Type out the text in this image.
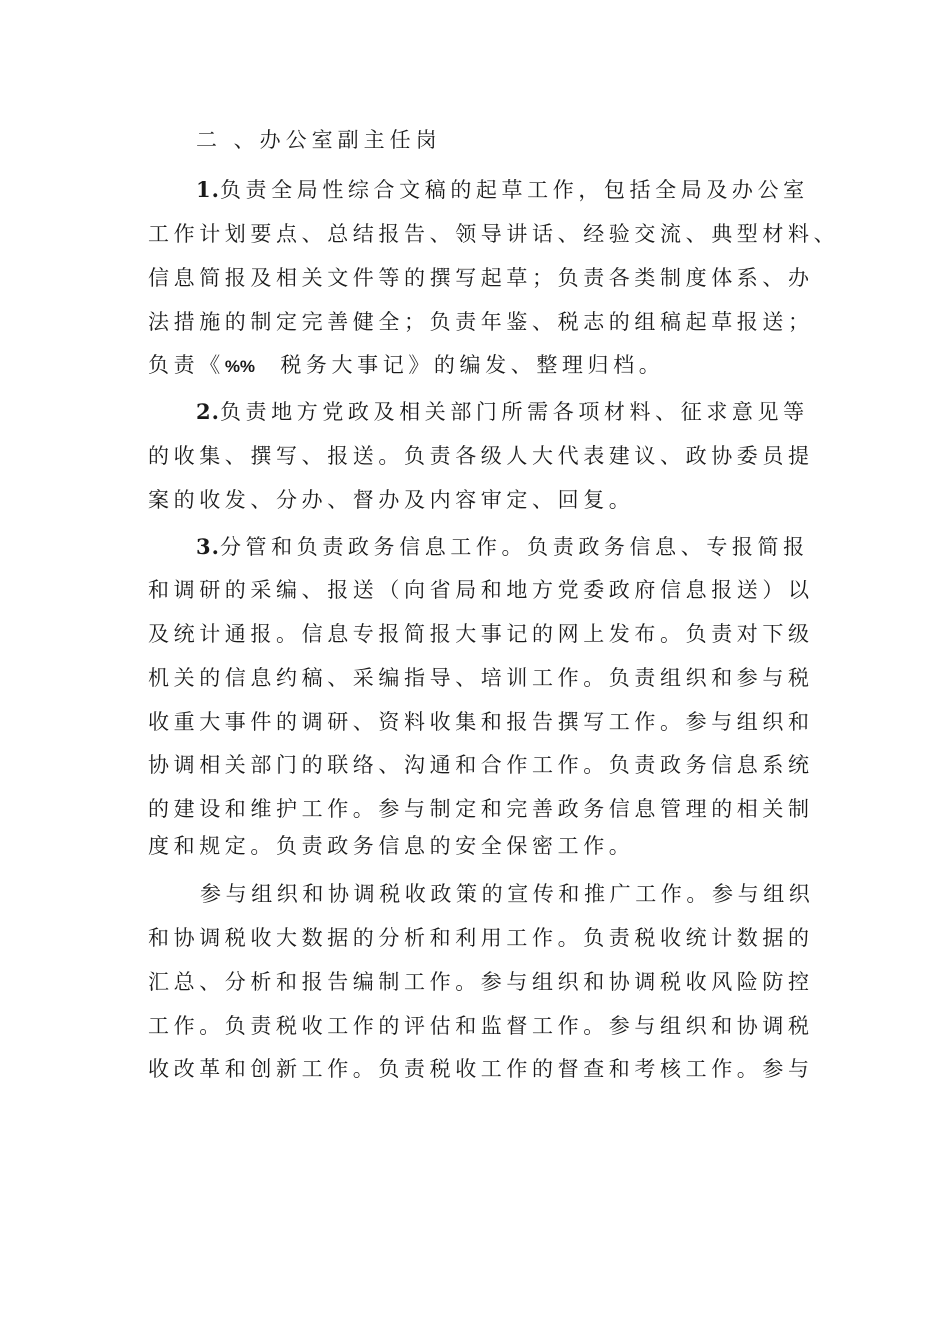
二 、办公室副主任岗
1.负责全局性综合文稿的起草工作，包括全局及办公室
工作计划要点、总结报告、领导讲话、经验交流、典型材料、
信息简报及相关文件等的撰写起草；负责各类制度体系、办
法措施的制定完善健全；负责年鉴、税志的组稿起草报送；
负责《%% 税务大事记》的编发、整理归档。
2.负责地方党政及相关部门所需各项材料、征求意见等
的收集、撰写、报送。负责各级人大代表建议、政协委员提
案的收发、分办、督办及内容审定、回复。
3.分管和负责政务信息工作。负责政务信息、专报简报
和调研的采编、报送（向省局和地方党委政府信息报送）以
及统计通报。信息专报简报大事记的网上发布。负责对下级
机关的信息约稿、采编指导、培训工作。负责组织和参与税
收重大事件的调研、资料收集和报告撰写工作。参与组织和
协调相关部门的联络、沟通和合作工作。负责政务信息系统
的建设和维护工作。参与制定和完善政务信息管理的相关制
度和规定。负责政务信息的安全保密工作。
参与组织和协调税收政策的宣传和推广工作。参与组织
和协调税收大数据的分析和利用工作。负责税收统计数据的
汇总、分析和报告编制工作。参与组织和协调税收风险防控
工作。负责税收工作的评估和监督工作。参与组织和协调税
收改革和创新工作。负责税收工作的督查和考核工作。参与
